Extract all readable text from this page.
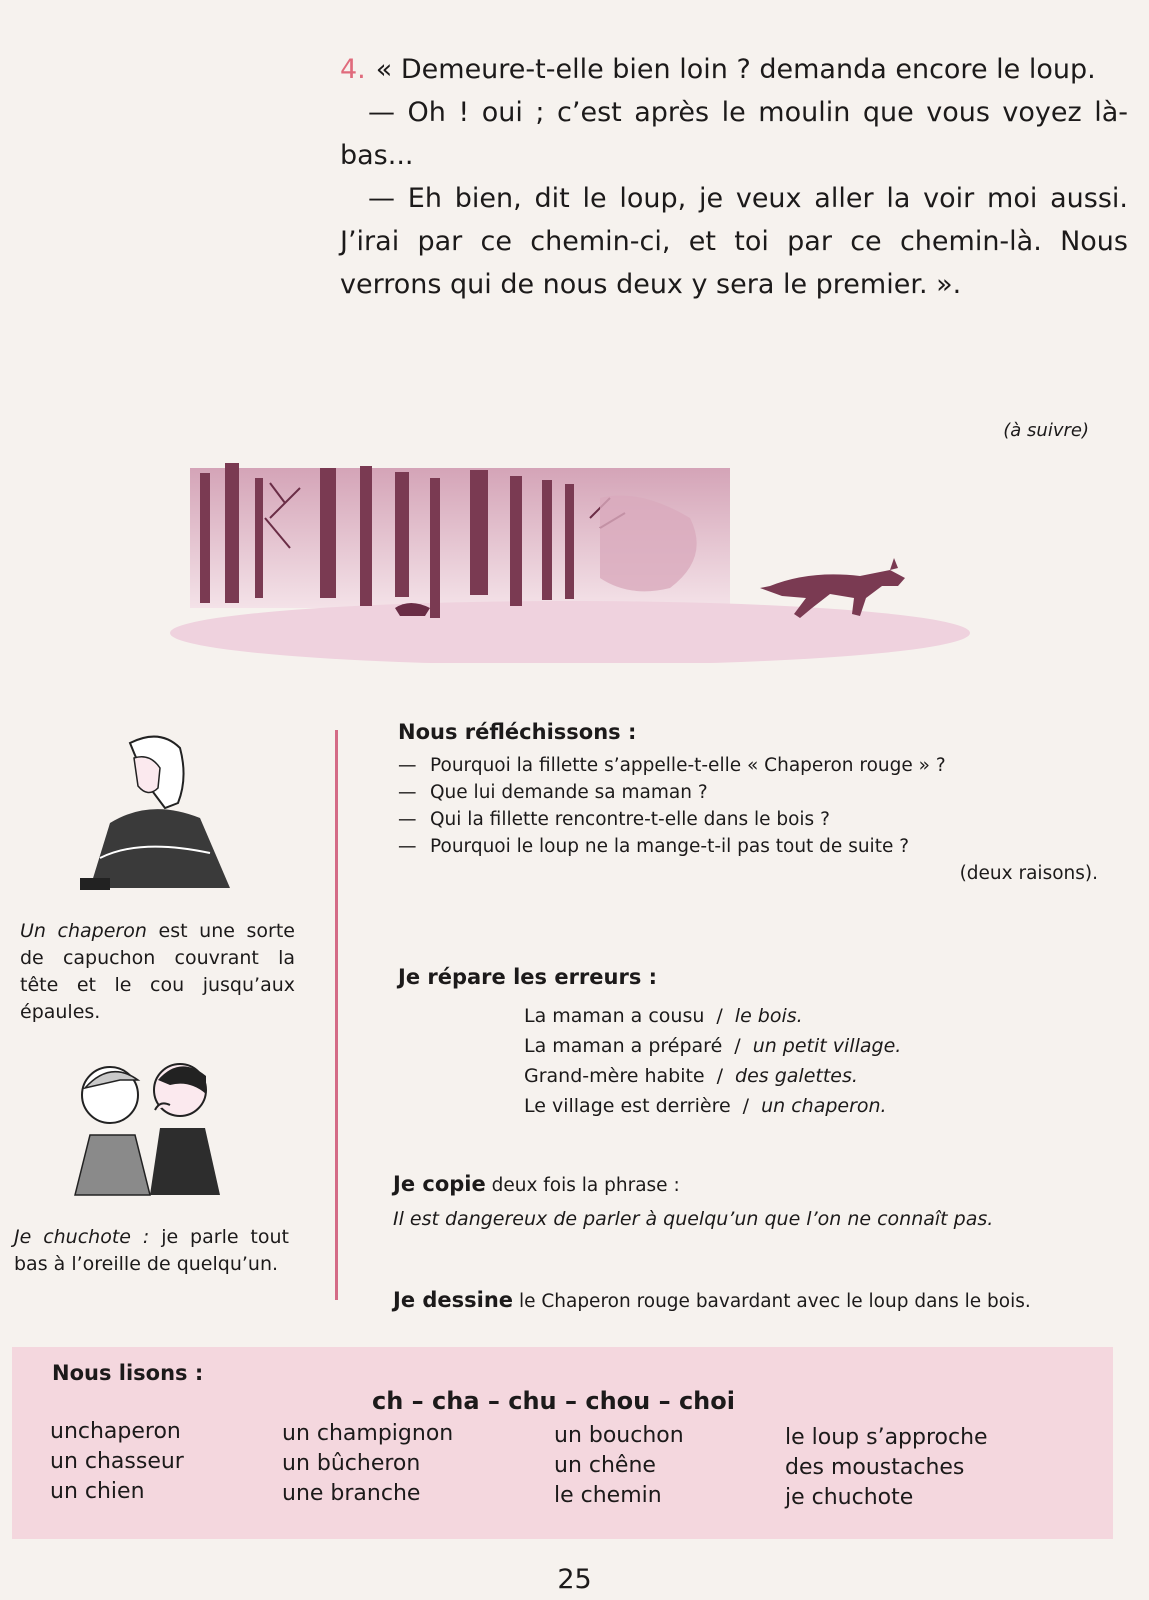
4. « Demeure-t-elle bien loin ? demanda encore le loup.

— Oh ! oui ; c’est après le moulin que vous voyez là-bas...

— Eh bien, dit le loup, je veux aller la voir moi aussi. J’irai par ce chemin-ci, et toi par ce chemin-là. Nous verrons qui de nous deux y sera le premier. ».

(à suivre)
Un chaperon est une sorte de capuchon couvrant la tête et le cou jusqu’aux épaules.
Je chuchote : je parle tout bas à l’oreille de quelqu’un.
Nous réfléchissons :

— Pourquoi la fillette s’appelle-t-elle « Chaperon rouge » ?

— Que lui demande sa maman ?

— Qui la fillette rencontre-t-elle dans le bois ?

— Pourquoi le loup ne la mange-t-il pas tout de suite ?

(deux raisons).
Je répare les erreurs :
La maman a cousu / le bois.
La maman a préparé / un petit village.
Grand-mère habite / des galettes.
Le village est derrière / un chaperon.
Je copie deux fois la phrase :
Il est dangereux de parler à quelqu’un que l’on ne connaît pas.
Je dessine le Chaperon rouge bavardant avec le loup dans le bois.
Nous lisons :
ch – cha – chu – chou – choi
unchaperon
un chasseur
un chien
un champignon
un bûcheron
une branche
un bouchon
un chêne
le chemin
le loup s’approche
des moustaches
je chuchote
25
